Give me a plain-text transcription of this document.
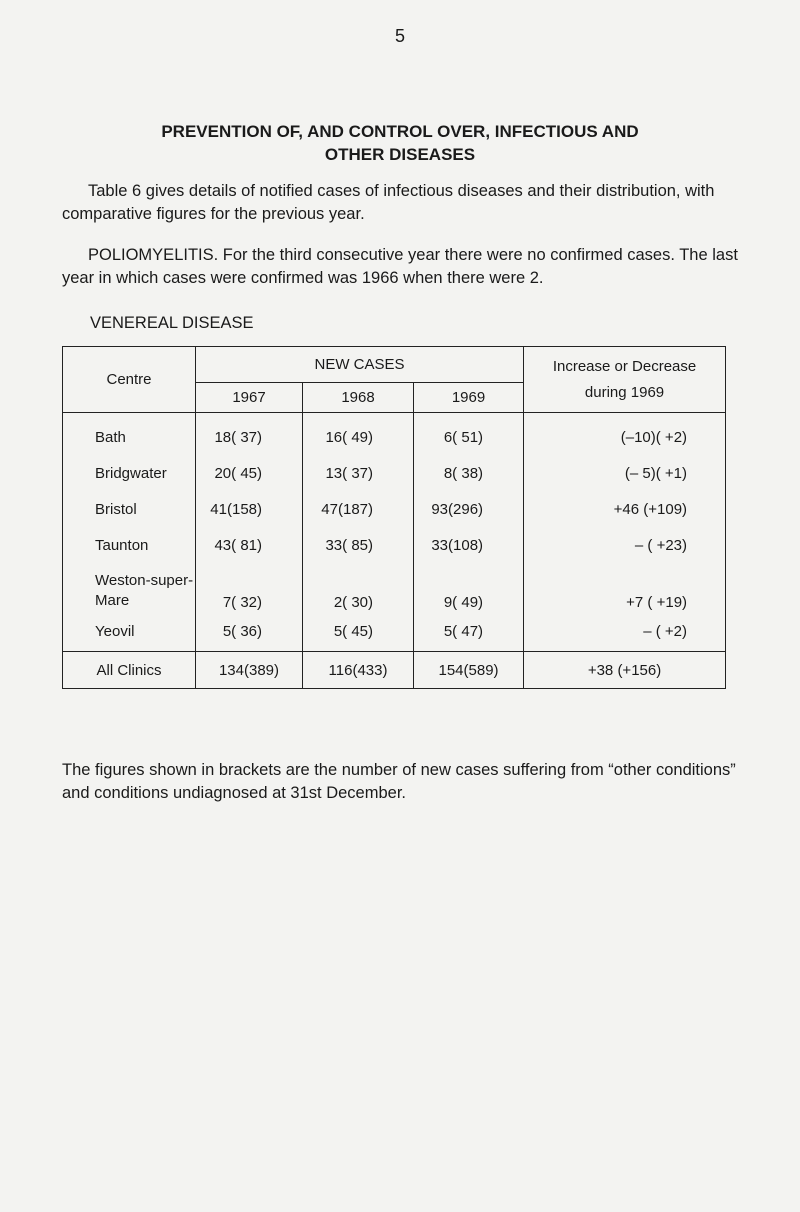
5
PREVENTION OF, AND CONTROL OVER, INFECTIOUS AND
OTHER DISEASES
Table 6 gives details of notified cases of infectious diseases and their distribution, with comparative figures for the previous year.
POLIOMYELITIS. For the third consecutive year there were no confirmed cases. The last year in which cases were confirmed was 1966 when there were 2.
VENEREAL DISEASE
Centre	NEW CASES			Increase or Decrease
during 1969

	1967	1968	1969	
Bath	18( 37)	16( 49)	6( 51)	(–10)( +2)
Bridgwater	20( 45)	13( 37)	8( 38)	(– 5)( +1)
Bristol	41(158)	47(187)	93(296)	+46 (+109)
Taunton	43( 81)	33( 85)	33(108)	– ( +23)

Weston-super-
Mare	7( 32)	2( 30)	9( 49)	+7 ( +19)
Yeovil	5( 36)	5( 45)	5( 47)	– ( +2)
All Clinics	134(389)	116(433)	154(589)	+38 (+156)
The figures shown in brackets are the number of new cases suffering from “other conditions” and conditions undiagnosed at 31st December.
